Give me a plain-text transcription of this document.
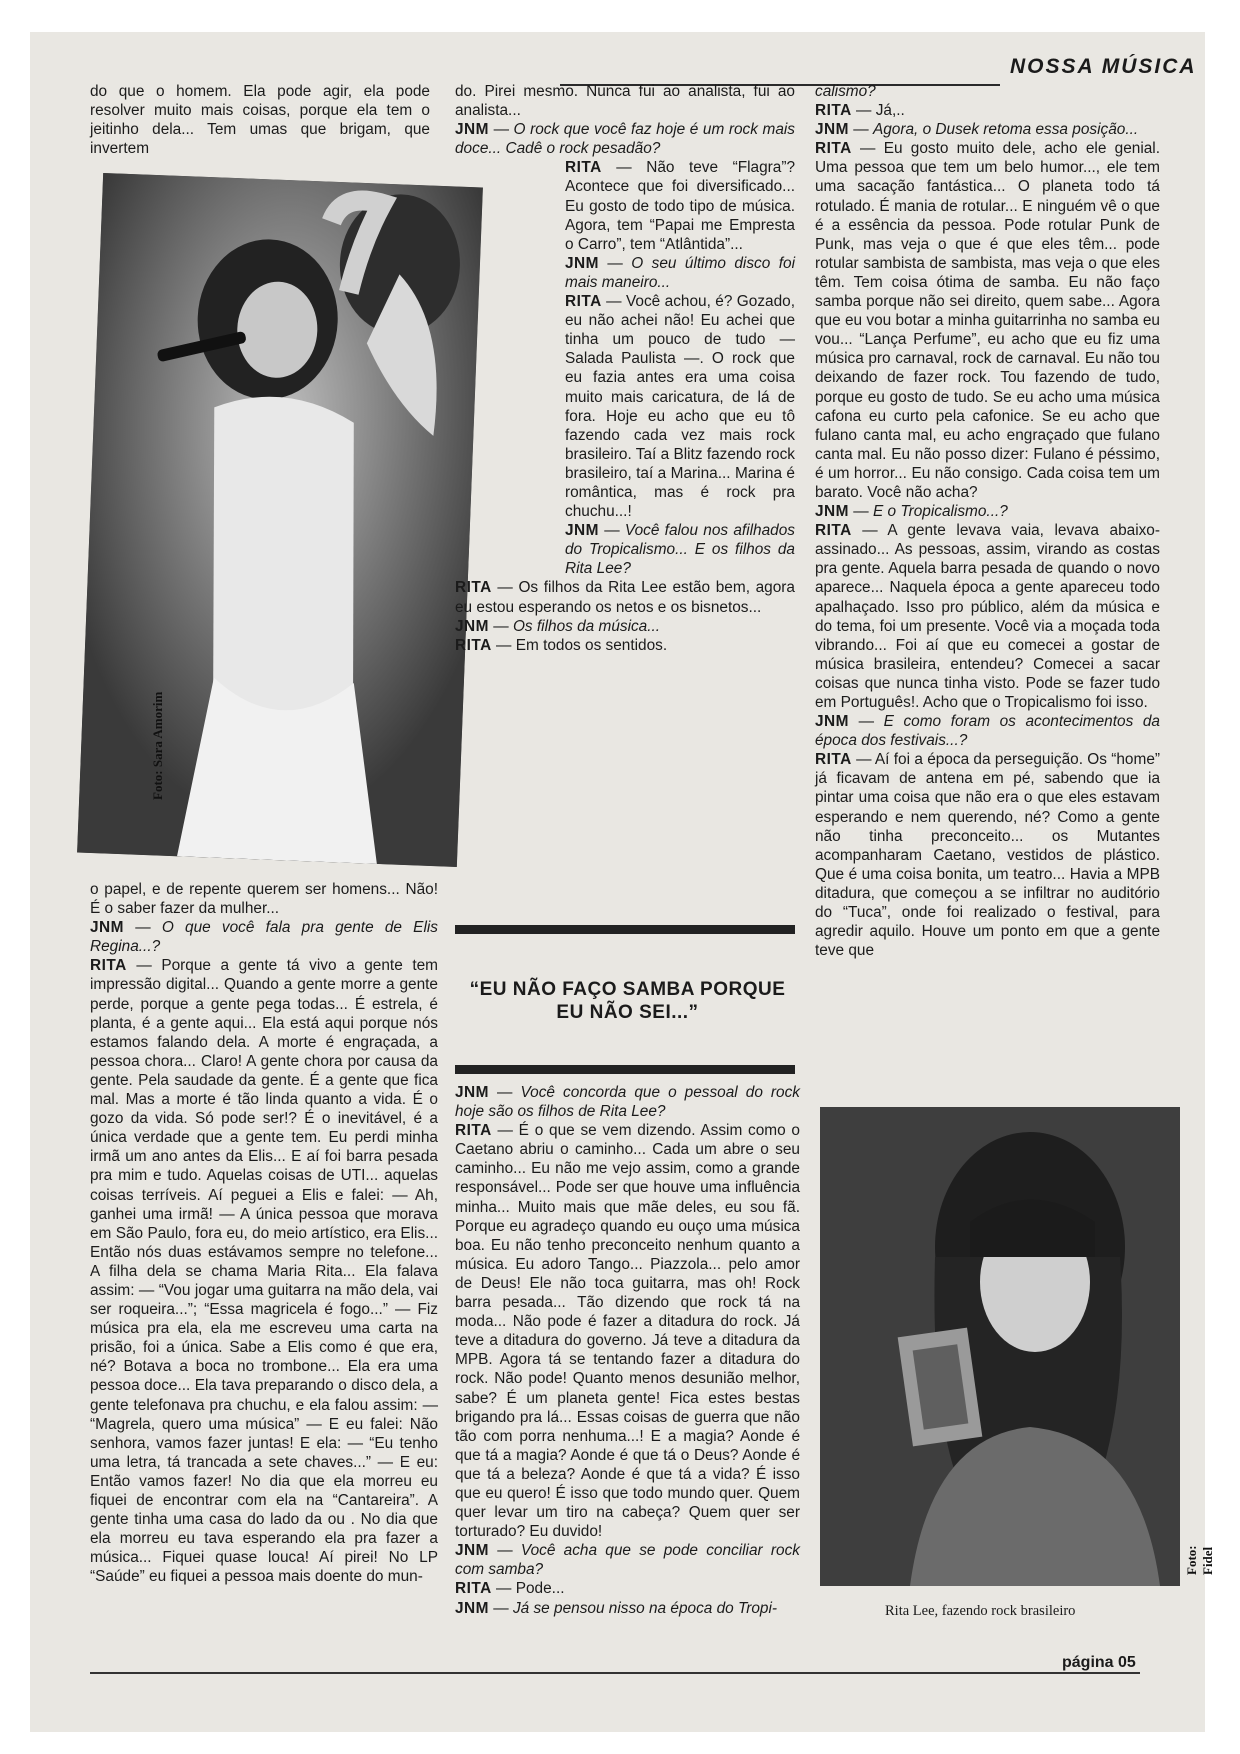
NOSSA MÚSICA

do que o homem. Ela pode agir, ela pode resolver muito mais coisas, porque ela tem o jeitinho dela... Tem umas que brigam, que invertem

Foto: Sara Amorim

o papel, e de repente querem ser homens... Não! É o saber fazer da mulher...

JNM — O que você fala pra gente de Elis Regina...?

RITA — Porque a gente tá vivo a gente tem impressão digital... Quando a gente morre a gente perde, porque a gente pega todas... É estrela, é planta, é a gente aqui... Ela está aqui porque nós estamos falando dela. A morte é engraçada, a pessoa chora... Claro! A gente chora por causa da gente. Pela saudade da gente. É a gente que fica mal. Mas a morte é tão linda quanto a vida. É o gozo da vida. Só pode ser!? É o inevitável, é a única verdade que a gente tem. Eu perdi minha irmã um ano antes da Elis... E aí foi barra pesada pra mim e tudo. Aquelas coisas de UTI... aquelas coisas terríveis. Aí peguei a Elis e falei: — Ah, ganhei uma irmã! — A única pessoa que morava em São Paulo, fora eu, do meio artístico, era Elis... Então nós duas estávamos sempre no telefone... A filha dela se chama Maria Rita... Ela falava assim: — “Vou jogar uma guitarra na mão dela, vai ser roqueira...”; “Essa magricela é fogo...” — Fiz música pra ela, ela me escreveu uma carta na prisão, foi a única. Sabe a Elis como é que era, né? Botava a boca no trombone... Ela era uma pessoa doce... Ela tava preparando o disco dela, a gente telefonava pra chuchu, e ela falou assim: — “Magrela, quero uma música” — E eu falei: Não senhora, vamos fazer juntas! E ela: — “Eu tenho uma letra, tá trancada a sete chaves...” — E eu: Então vamos fazer! No dia que ela morreu eu fiquei de encontrar com ela na “Cantareira”. A gente tinha uma casa do lado da ou . No dia que ela morreu eu tava esperando ela pra fazer a música... Fiquei quase louca! Aí pirei! No LP “Saúde” eu fiquei a pessoa mais doente do mun-

do. Pirei mesmo. Nunca fui ao analista, fui ao analista...

JNM — O rock que você faz hoje é um rock mais doce... Cadê o rock pesadão?

RITA — Não teve “Flagra”? Acontece que foi diversificado... Eu gosto de todo tipo de música. Agora, tem “Papai me Empresta o Carro”, tem “Atlântida”...

JNM — O seu último disco foi mais maneiro...

RITA — Você achou, é? Gozado, eu não achei não! Eu achei que tinha um pouco de tudo — Salada Paulista —. O rock que eu fazia antes era uma coisa muito mais caricatura, de lá de fora. Hoje eu acho que eu tô fazendo cada vez mais rock brasileiro. Taí a Blitz fazendo rock brasileiro, taí a Marina... Marina é romântica, mas é rock pra chuchu...!

JNM — Você falou nos afilhados do Tropicalismo... E os filhos da Rita Lee?

RITA — Os filhos da Rita Lee estão bem, agora eu estou esperando os netos e os bisnetos...

JNM — Os filhos da música...

RITA — Em todos os sentidos.

“EU NÃO FAÇO SAMBA PORQUE EU NÃO SEI...”

JNM — Você concorda que o pessoal do rock hoje são os filhos de Rita Lee?

RITA — É o que se vem dizendo. Assim como o Caetano abriu o caminho... Cada um abre o seu caminho... Eu não me vejo assim, como a grande responsável... Pode ser que houve uma influência minha... Muito mais que mãe deles, eu sou fã. Porque eu agradeço quando eu ouço uma música boa. Eu não tenho preconceito nenhum quanto a música. Eu adoro Tango... Piazzola... pelo amor de Deus! Ele não toca guitarra, mas oh! Rock barra pesada... Tão dizendo que rock tá na moda... Não pode é fazer a ditadura do rock. Já teve a ditadura do governo. Já teve a ditadura da MPB. Agora tá se tentando fazer a ditadura do rock. Não pode! Quanto menos desunião melhor, sabe? É um planeta gente! Fica estes bestas brigando pra lá... Essas coisas de guerra que não tão com porra nenhuma...! E a magia? Aonde é que tá a magia? Aonde é que tá o Deus? Aonde é que tá a beleza? Aonde é que tá a vida? É isso que eu quero! É isso que todo mundo quer. Quem quer levar um tiro na cabeça? Quem quer ser torturado? Eu duvido!

JNM — Você acha que se pode conciliar rock com samba?

RITA — Pode...

JNM — Já se pensou nisso na época do Tropi-

calismo?

RITA — Já,..

JNM — Agora, o Dusek retoma essa posição...

RITA — Eu gosto muito dele, acho ele genial. Uma pessoa que tem um belo humor..., ele tem uma sacação fantástica... O planeta todo tá rotulado. É mania de rotular... E ninguém vê o que é a essência da pessoa. Pode rotular Punk de Punk, mas veja o que é que eles têm... pode rotular sambista de sambista, mas veja o que eles têm. Tem coisa ótima de samba. Eu não faço samba porque não sei direito, quem sabe... Agora que eu vou botar a minha guitarrinha no samba eu vou... “Lança Perfume”, eu acho que eu fiz uma música pro carnaval, rock de carnaval. Eu não tou deixando de fazer rock. Tou fazendo de tudo, porque eu gosto de tudo. Se eu acho uma música cafona eu curto pela cafonice. Se eu acho que fulano canta mal, eu acho engraçado que fulano canta mal. Eu não posso dizer: Fulano é péssimo, é um horror... Eu não consigo. Cada coisa tem um barato. Você não acha?

JNM — E o Tropicalismo...?

RITA — A gente levava vaia, levava abaixo-assinado... As pessoas, assim, virando as costas pra gente. Aquela barra pesada de quando o novo aparece... Naquela época a gente apareceu todo apalhaçado. Isso pro público, além da música e do tema, foi um presente. Você via a moçada toda vibrando... Foi aí que eu comecei a gostar de música brasileira, entendeu? Comecei a sacar coisas que nunca tinha visto. Pode se fazer tudo em Português!. Acho que o Tropicalismo foi isso.

JNM — E como foram os acontecimentos da época dos festivais...?

RITA — Aí foi a época da perseguição. Os “home” já ficavam de antena em pé, sabendo que ia pintar uma coisa que não era o que eles estavam esperando e nem querendo, né? Como a gente não tinha preconceito... os Mutantes acompanharam Caetano, vestidos de plástico. Que é uma coisa bonita, um teatro... Havia a MPB ditadura, que começou a se infiltrar no auditório do “Tuca”, onde foi realizado o festival, para agredir aquilo. Houve um ponto em que a gente teve que

Foto: Fidel
Rita Lee, fazendo rock brasileiro
página 05
